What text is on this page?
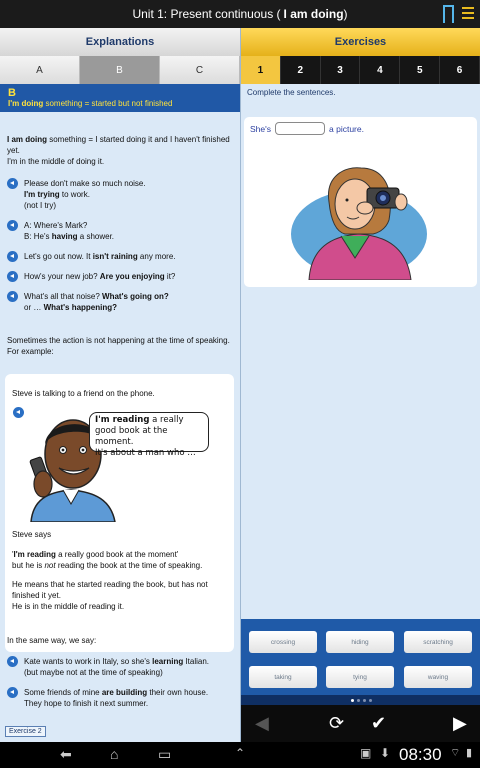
Unit 1: Present continuous ( I am doing )
Explanations
A	B	C
B
I'm doing something = started but not finished
I am doing something = I started doing it and I haven't finished yet.
I'm in the middle of doing it.
Please don't make so much noise.
I'm trying to work.
(not I try)
A: Where's Mark?
B: He's having a shower.
Let's go out now. It isn't raining any more.
How's your new job? Are you enjoying it?
What's all that noise? What's going on?
or … What's happening?
Sometimes the action is not happening at the time of speaking.
For example:
Steve is talking to a friend on the phone.
I'm reading a really good book at the moment.
It's about a man who …
Steve says
'I'm reading a really good book at the moment'
but he is not reading the book at the time of speaking.
He means that he started reading the book, but has not finished it yet.
He is in the middle of reading it.
In the same way, we say:
Kate wants to work in Italy, so she's learning Italian.
(but maybe not at the time of speaking)
Some friends of mine are building their own house.
They hope to finish it next summer.
Exercise 2
Exercises
1	2	3	4	5	6
Complete the sentences.
She's	a picture.
crossing	hiding	scratching
taking	tying	waving
◀	⟳ ✔	▶
⬅	⌂	▭	⌃	▣ ⬇ 08:30 ⌔ ▮
